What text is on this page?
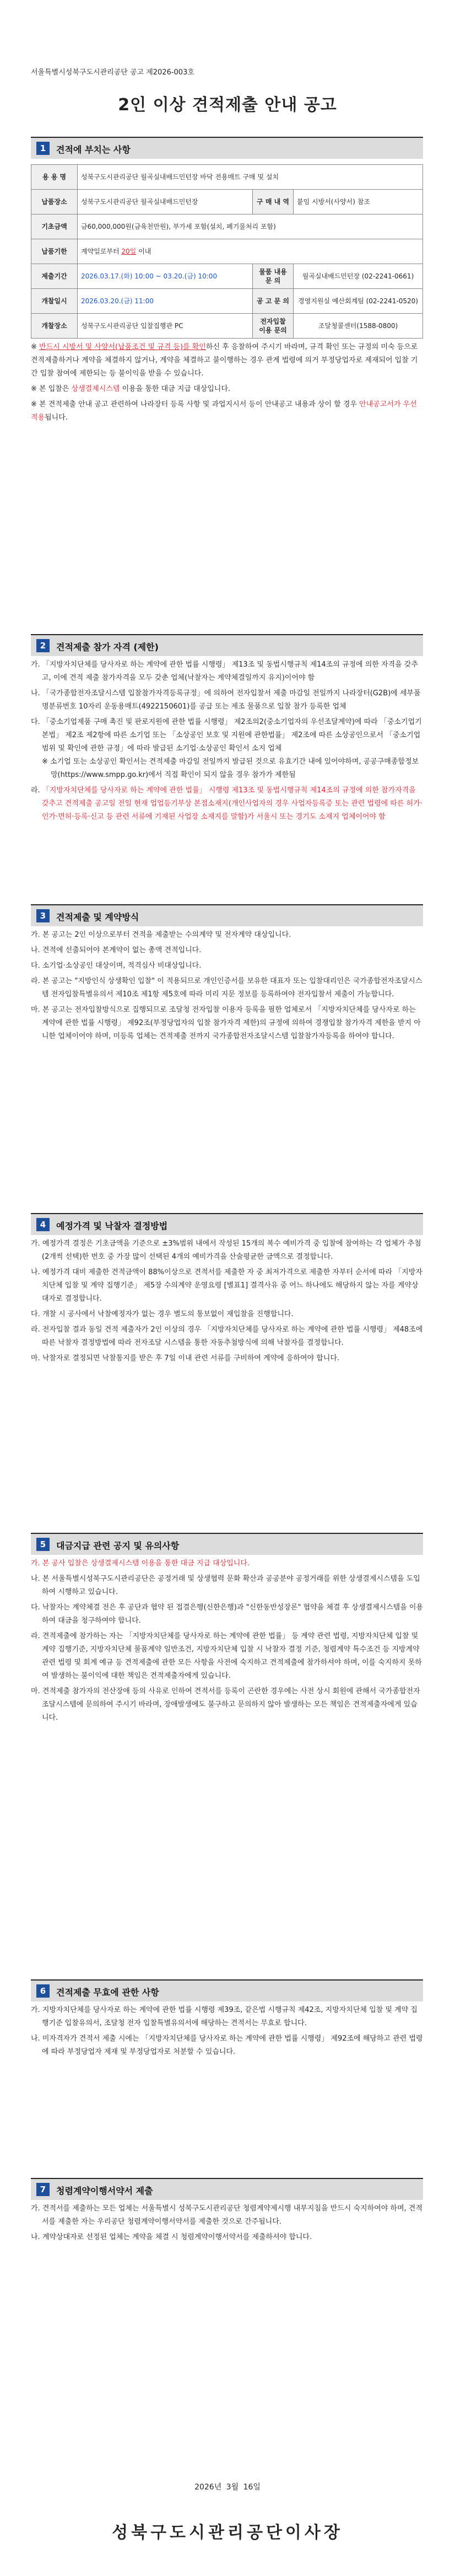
서울특별시성북구도시관리공단 공고 제2026-003호
2인 이상 견적제출 안내 공고
1	견적에 부치는 사항
용 용 명	성북구도시관리공단 월곡실내배드민턴장 바닥 전용매트 구매 및 설치		
납품장소	성북구도시관리공단 월곡실내배드민턴장	구 매 내 역	붙임 시방서(사양서) 참조
기초금액	금60,000,000원(금육천만원), 부가세 포함(설치, 폐기물처리 포함)		
납품기한	계약일로부터 20일 이내		
제출기간	2026.03.17.(화) 10:00 ~ 03.20.(금) 10:00	물품 내용 문 의	월곡실내배드민턴장 (02-2241-0661)
개찰일시	2026.03.20.(금) 11:00	공 고 문 의	경영지원실 예산회계팀 (02-2241-0520)
개찰장소	성북구도시관리공단 입찰집행관 PC	전자입찰 이용 문의	조달청콜센터(1588-0800)
※ 반드시 시방서 및 사양서(납품조건 및 규격 등)를 확인하신 후 응찰하여 주시기 바라며, 규격 확인 또는 규정의 미숙 등으로 견적제출하거나 계약을 체결하지 않거나, 계약을 체결하고 불이행하는 경우 관계 법령에 의거 부정당업자로 제재되어 입찰 기간 입찰 참여에 제한되는 등 불이익을 받을 수 있습니다.
※ 본 입찰은 상생결제시스템 이용을 통한 대금 지급 대상입니다.
※ 본 견적제출 안내 공고 관련하여 나라장터 등록 사항 및 과업지시서 등이 안내공고 내용과 상이 할 경우 안내공고서가 우선 적용됩니다.
2	견적제출 참가 자격 (제한)
가. 「지방자치단체를 당사자로 하는 계약에 관한 법률 시행령」 제13조 및 동법시행규칙 제14조의 규정에 의한 자격을 갖추고, 이에 견적 제출 참가자격을 모두 갖춘 업체(낙찰자는 계약체결일까지 유지)이어야 함
나. 「국가종합전자조달시스템 입찰참가자격등록규정」에 의하여 전자입찰서 제출 마감일 전일까지 나라장터(G2B)에 세부품명분류번호 10자리 운동용매트(4922150601)를 공급 또는 제조 물품으로 입찰 참가 등록한 업체
다. 「중소기업제품 구매 촉진 및 판로지원에 관한 법률 시행령」 제2조의2(중소기업자의 우선조달계약)에 따라 「중소기업기본법」 제2조 제2항에 따른 소기업 또는 「소상공인 보호 및 지원에 관한법률」 제2조에 따른 소상공인으로서 「중소기업범위 및 확인에 관한 규정」에 따라 발급된 소기업·소상공인 확인서 소지 업체
※ 소기업 또는 소상공인 확인서는 견적제출 마감일 전일까지 발급된 것으로 유효기간 내에 있어야하며, 공공구매종합정보망(https://www.smpp.go.kr)에서 직접 확인이 되지 않을 경우 참가가 제한됨
라. 「지방자치단체를 당사자로 하는 계약에 관한 법률」 시행령 제13조 및 동법시행규칙 제14조의 규정에 의한 참가자격을 갖추고 견적제출 공고일 전일 현재 업업등기부상 본점소재지(개인사업자의 경우 사업자등록증 또는 관련 법령에 따른 허가·인가·면허·등록·신고 등 관련 서류에 기재된 사업장 소재지를 말함)가 서울시 또는 경기도 소재지 업체이어야 함
3	견적제출 및 계약방식
가. 본 공고는 2인 이상으로부터 견적을 제출받는 수의계약 및 전자계약 대상입니다.
나. 견적에 선출되어야 본계약이 없는 총액 견적입니다.
다. 소기업·소상공인 대상이며, 적격심사 비대상입니다.
라. 본 공고는 "지방인식 상생확인 입찰" 이 적용되므로 개인인증서를 보유한 대표자 또는 입찰대리인은 국가종합전자조달시스템 전자입찰특별유의서 제10조 제1항 제5호에 따라 미리 지문 정보를 등록하여야 전자입찰서 제출이 가능합니다.
마. 본 공고는 전자입찰방식으로 집행되므로 조달청 전자입찰 이용자 등록을 필한 업체로서 「지방자치단체를 당사자로 하는 계약에 관한 법률 시행령」 제92조(부정당업자의 입찰 참가자격 제한)의 규정에 의하여 경쟁입찰 참가자격 제한을 받지 아니한 업체이어야 하며, 미등록 업체는 견적제출 전까지 국가종합전자조달시스템 입찰참가자등록을 하여야 합니다.
4	예정가격 및 낙찰자 결정방법
가. 예정가격 결정은 기초금액을 기준으로 ±3%범위 내에서 작성된 15개의 복수 예비가격 중 입찰에 참여하는 각 업체가 추첨(2개씩 선택)한 번호 중 가장 많이 선택된 4개의 예비가격을 산술평균한 금액으로 결정합니다.
나. 예정가격 대비 제출한 견적금액이 88%이상으로 견적서를 제출한 자 중 최저가격으로 제출한 자부터 순서에 따라 「지방자치단체 입찰 및 계약 집행기준」 제5장 수의계약 운영요령 [별표1] 결격사유 중 어느 하나에도 해당하지 않는 자를 계약상대자로 결정합니다.
다. 개찰 시 공사에서 낙찰예정자가 없는 경우 별도의 통보없이 재입찰을 진행합니다.
라. 전자입찰 결과 동일 견적 제출자가 2인 이상의 경우 「지방자치단체를 당사자로 하는 계약에 관한 법률 시행령」 제48조에 따른 낙찰자 결정방법에 따라 전자조달 시스템을 통한 자동추첨방식에 의해 낙찰자를 결정합니다.
마. 낙찰자로 결정되면 낙찰통지를 받은 후 7일 이내 관련 서류를 구비하여 계약에 응하여야 합니다.
5	대금지급 관련 공지 및 유의사항
가. 본 공사 입찰은 상생결제시스템 이용을 통한 대금 지급 대상입니다.
나. 본 서울특별시성북구도시관리공단은 공정거래 및 상생협력 문화 확산과 공공분야 공정거래를 위한 상생결제시스템을 도입하여 시행하고 있습니다.
다. 낙찰자는 계약체결 전은 후 공단과 협약 된 접결은행(신한은행)과 "신한동반성장론" 협약을 체결 후 상생결제시스템을 이용하여 대금을 청구하여야 합니다.
라. 견적제출에 참가하는 자는 「지방자치단체를 당사자로 하는 계약에 관한 법률」 등 계약 관련 법령, 지방자치단체 입찰 및 계약 집행기준, 지방자치단체 물품계약 일반조건, 지방자치단체 입찰 시 낙찰자 결정 기준, 청렴계약 특수조건 등 지방계약 관련 법령 및 회계 예규 등 견적제출에 관한 모든 사항을 사전에 숙지하고 견적제출에 참가하셔야 하며, 이를 숙지하지 못하여 발생하는 불이익에 대한 책임은 견적제출자에게 있습니다.
마. 견적제출 참가자의 전산장애 등의 사유로 인하여 견적서를 등록이 곤란한 경우에는 사전 상시 회원에 관해서 국가종합전자조달시스템에 문의하여 주시기 바라며, 장애발생에도 불구하고 문의하지 않아 발생하는 모든 책임은 견적제출자에게 있습니다.
6	견적제출 무효에 관한 사항
가. 지방자치단체를 당사자로 하는 계약에 관한 법률 시행령 제39조, 같은법 시행규칙 제42조, 지방자치단체 입찰 및 계약 집행기준 입찰유의서, 조달청 전자 입찰특별유의서에 해당하는 견적서는 무효로 합니다.
나. 미자격자가 견적서 제출 시에는 「지방자치단체를 당사자로 하는 계약에 관한 법률 시행령」 제92조에 해당하고 관련 법령에 따라 부정당업자 제재 및 부정당업자로 처분할 수 있습니다.
7	청렴계약이행서약서 제출
가. 견적서를 제출하는 모든 업체는 서울특별시 성북구도시관리공단 청렴계약제시행 내부지침을 반드시 숙지하여야 하며, 견적서를 제출한 자는 우리공단 청렴계약이행서약서를 제출한 것으로 간주됩니다.
나. 계약상대자로 선정된 업체는 계약을 체결 시 청렴계약이행서약서를 제출하셔야 합니다.
2026년 3월 16일
성북구도시관리공단이사장
